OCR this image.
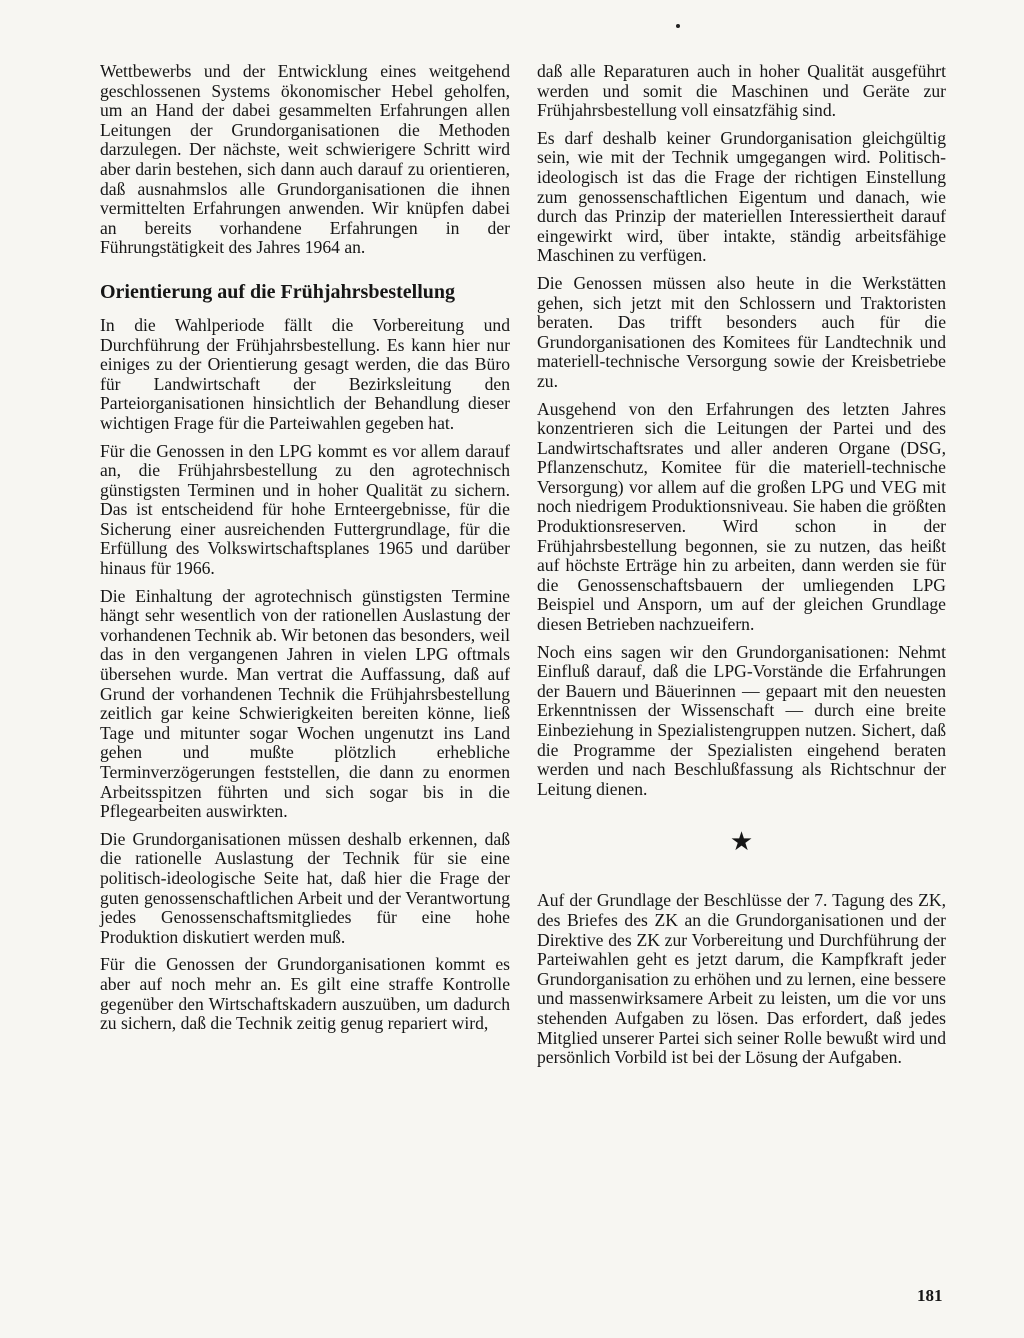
Wettbewerbs und der Entwicklung eines weitgehend geschlossenen Systems ökonomischer Hebel geholfen, um an Hand der dabei gesammelten Erfahrungen allen Leitungen der Grundorganisationen die Methoden darzulegen. Der nächste, weit schwierigere Schritt wird aber darin bestehen, sich dann auch darauf zu orientieren, daß ausnahmslos alle Grundorganisationen die ihnen vermittelten Erfahrungen anwenden. Wir knüpfen dabei an bereits vorhandene Erfahrungen in der Führungstätigkeit des Jahres 1964 an.

Orientierung auf die Frühjahrsbestellung

In die Wahlperiode fällt die Vorbereitung und Durchführung der Frühjahrsbestellung. Es kann hier nur einiges zu der Orientierung gesagt werden, die das Büro für Landwirtschaft der Bezirksleitung den Parteiorganisationen hinsichtlich der Behandlung dieser wichtigen Frage für die Parteiwahlen gegeben hat.

Für die Genossen in den LPG kommt es vor allem darauf an, die Frühjahrsbestellung zu den agrotechnisch günstigsten Terminen und in hoher Qualität zu sichern. Das ist entscheidend für hohe Ernteergebnisse, für die Sicherung einer ausreichenden Futtergrundlage, für die Erfüllung des Volkswirtschaftsplanes 1965 und darüber hinaus für 1966.

Die Einhaltung der agrotechnisch günstigsten Termine hängt sehr wesentlich von der rationellen Auslastung der vorhandenen Technik ab. Wir betonen das besonders, weil das in den vergangenen Jahren in vielen LPG oftmals übersehen wurde. Man vertrat die Auffassung, daß auf Grund der vorhandenen Technik die Frühjahrsbestellung zeitlich gar keine Schwierigkeiten bereiten könne, ließ Tage und mitunter sogar Wochen ungenutzt ins Land gehen und mußte plötzlich erhebliche Terminverzögerungen feststellen, die dann zu enormen Arbeitsspitzen führten und sich sogar bis in die Pflegearbeiten auswirkten.

Die Grundorganisationen müssen deshalb erkennen, daß die rationelle Auslastung der Technik für sie eine politisch-ideologische Seite hat, daß hier die Frage der guten genossenschaftlichen Arbeit und der Verantwortung jedes Genossenschaftsmitgliedes für eine hohe Produktion diskutiert werden muß.

Für die Genossen der Grundorganisationen kommt es aber auf noch mehr an. Es gilt eine straffe Kontrolle gegenüber den Wirtschaftskadern auszuüben, um dadurch zu sichern, daß die Technik zeitig genug repariert wird,

daß alle Reparaturen auch in hoher Qualität ausgeführt werden und somit die Maschinen und Geräte zur Frühjahrsbestellung voll einsatzfähig sind.

Es darf deshalb keiner Grundorganisation gleichgültig sein, wie mit der Technik umgegangen wird. Politisch-ideologisch ist das die Frage der richtigen Einstellung zum genossenschaftlichen Eigentum und danach, wie durch das Prinzip der materiellen Interessiertheit darauf eingewirkt wird, über intakte, ständig arbeitsfähige Maschinen zu verfügen.

Die Genossen müssen also heute in die Werkstätten gehen, sich jetzt mit den Schlossern und Traktoristen beraten. Das trifft besonders auch für die Grundorganisationen des Komitees für Landtechnik und materiell-technische Versorgung sowie der Kreisbetriebe zu.

Ausgehend von den Erfahrungen des letzten Jahres konzentrieren sich die Leitungen der Partei und des Landwirtschaftsrates und aller anderen Organe (DSG, Pflanzenschutz, Komitee für die materiell-technische Versorgung) vor allem auf die großen LPG und VEG mit noch niedrigem Produktionsniveau. Sie haben die größten Produktionsreserven. Wird schon in der Frühjahrsbestellung begonnen, sie zu nutzen, das heißt auf höchste Erträge hin zu arbeiten, dann werden sie für die Genossenschaftsbauern der umliegenden LPG Beispiel und Ansporn, um auf der gleichen Grundlage diesen Betrieben nachzueifern.

Noch eins sagen wir den Grundorganisationen: Nehmt Einfluß darauf, daß die LPG-Vorstände die Erfahrungen der Bauern und Bäuerinnen — gepaart mit den neuesten Erkenntnissen der Wissenschaft — durch eine breite Einbeziehung in Spezialistengruppen nutzen. Sichert, daß die Programme der Spezialisten eingehend beraten werden und nach Beschlußfassung als Richtschnur der Leitung dienen.

★

Auf der Grundlage der Beschlüsse der 7. Tagung des ZK, des Briefes des ZK an die Grundorganisationen und der Direktive des ZK zur Vorbereitung und Durchführung der Parteiwahlen geht es jetzt darum, die Kampfkraft jeder Grundorganisation zu erhöhen und zu lernen, eine bessere und massenwirksamere Arbeit zu leisten, um die vor uns stehenden Aufgaben zu lösen. Das erfordert, daß jedes Mitglied unserer Partei sich seiner Rolle bewußt wird und persönlich Vorbild ist bei der Lösung der Aufgaben.

181
